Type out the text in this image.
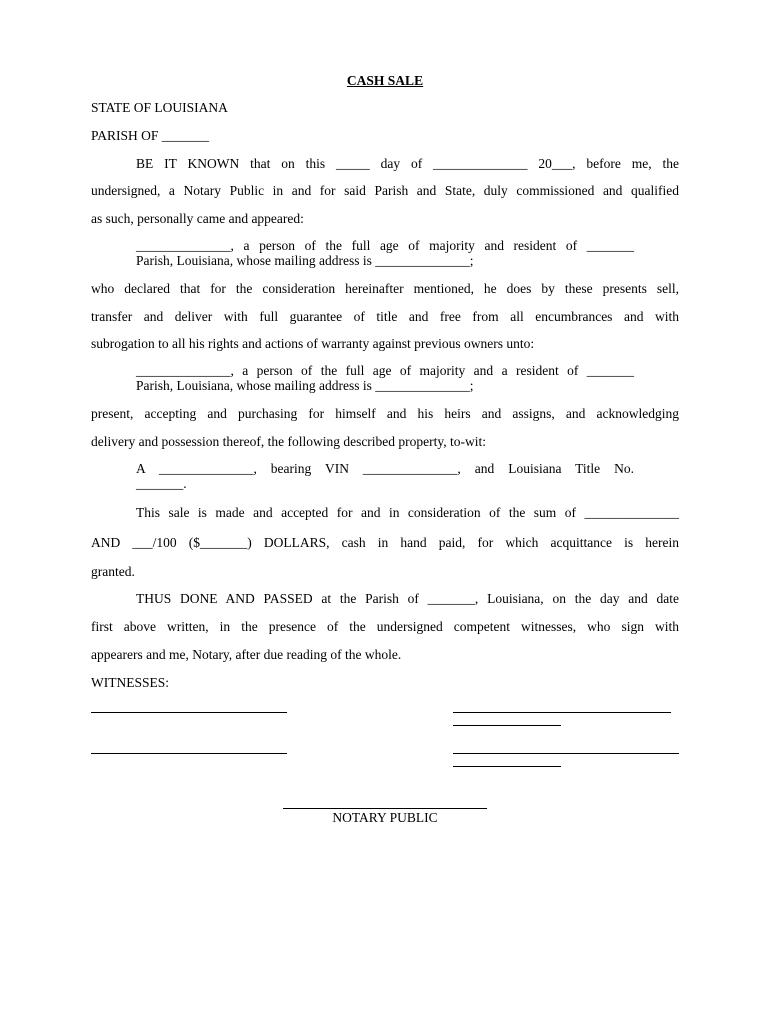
CASH SALE
STATE OF LOUISIANA
PARISH OF _______
BE IT KNOWN that on this _____ day of ______________ 20___, before me, the
undersigned, a Notary Public in and for said Parish and State, duly commissioned and qualified
as such, personally came and appeared:
______________, a person of the full age of majority and resident of _______
Parish, Louisiana, whose mailing address is ______________;
who declared that for the consideration hereinafter mentioned, he does by these presents sell,
transfer and deliver with full guarantee of title and free from all encumbrances and with
subrogation to all his rights and actions of warranty against previous owners unto:
______________, a person of the full age of majority and a resident of _______
Parish, Louisiana, whose mailing address is ______________;
present, accepting and purchasing for himself and his heirs and assigns, and acknowledging
delivery and possession thereof, the following described property, to-wit:
A ______________, bearing VIN ______________, and Louisiana Title No.
_______.
This sale is made and accepted for and in consideration of the sum of ______________
AND ___/100 ($_______) DOLLARS, cash in hand paid, for which acquittance is herein
granted.
THUS DONE AND PASSED at the Parish of _______, Louisiana, on the day and date
first above written, in the presence of the undersigned competent witnesses, who sign with
appearers and me, Notary, after due reading of the whole.
WITNESSES:
NOTARY PUBLIC
